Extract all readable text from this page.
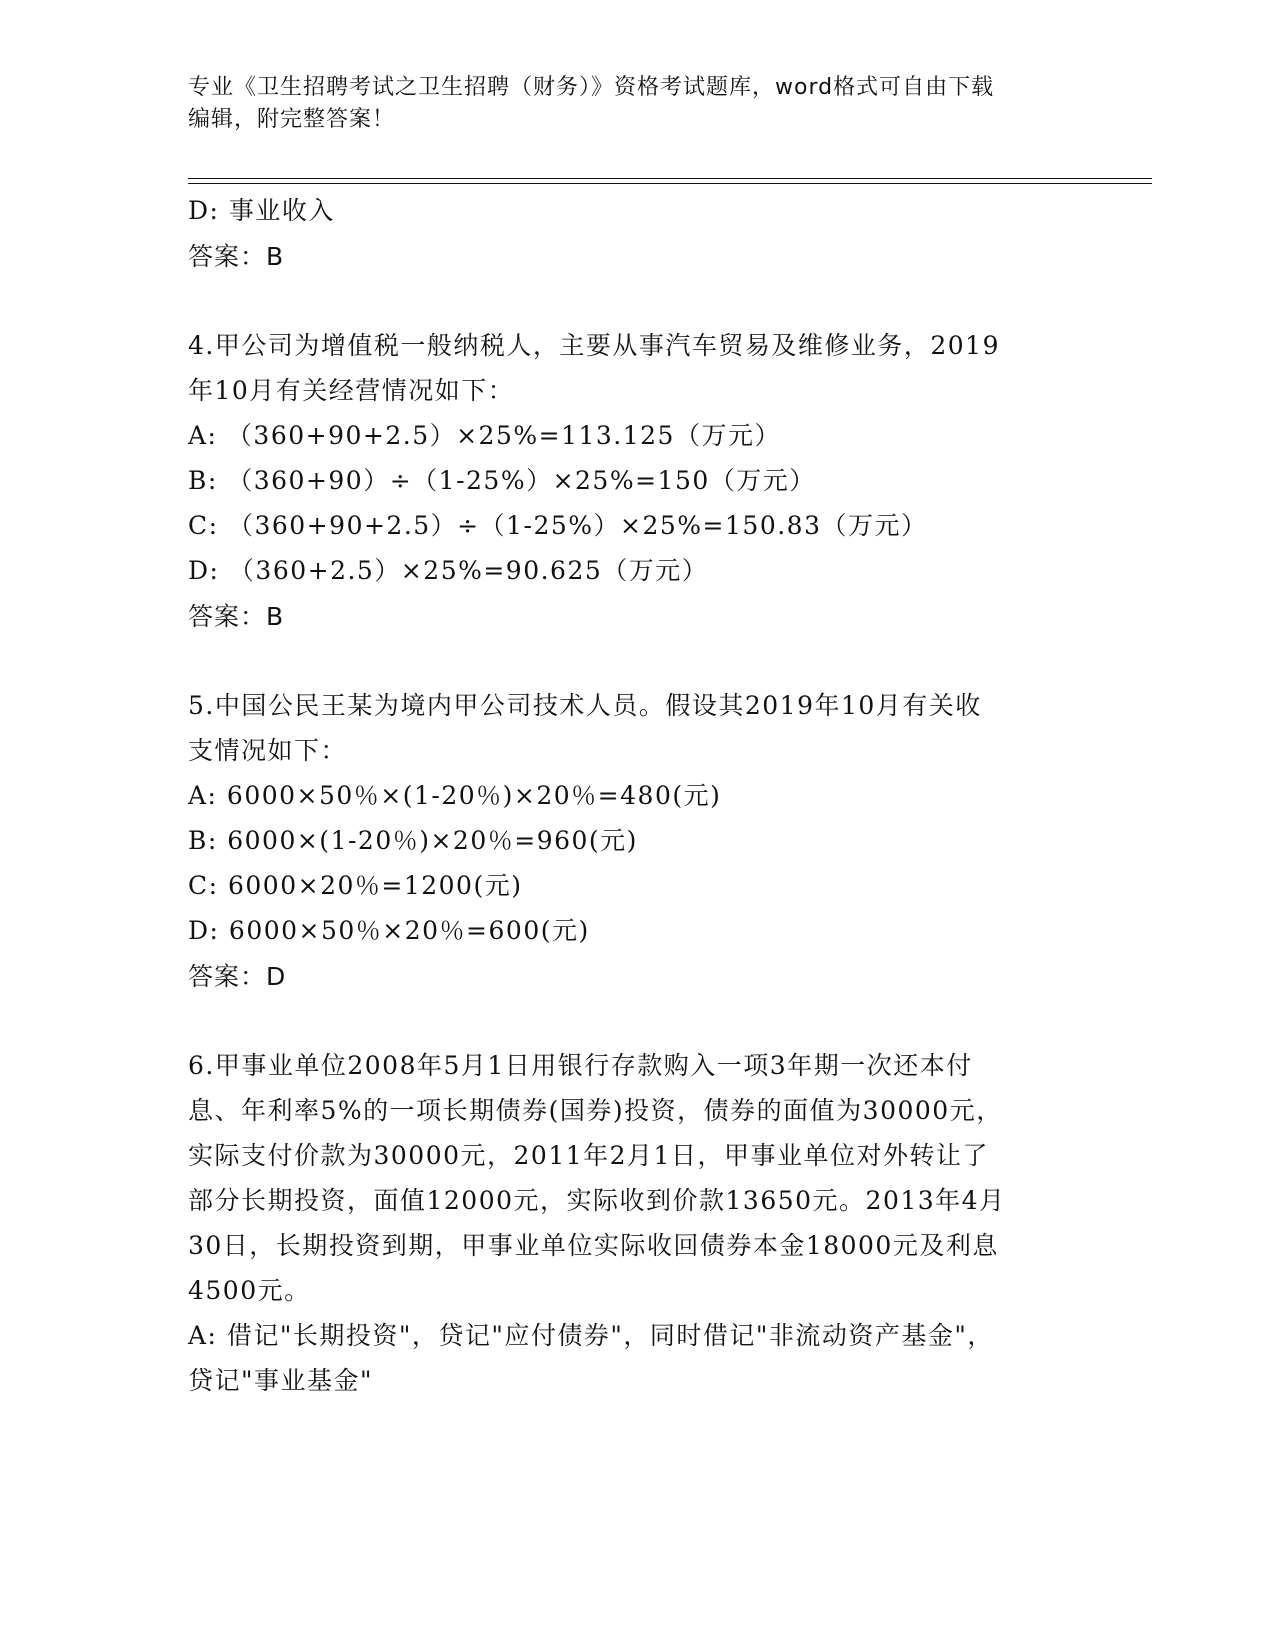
专业《卫生招聘考试之卫生招聘（财务）》资格考试题库，word格式可自由下载
编辑，附完整答案！
D: 事业收入
答案：B
4.甲公司为增值税一般纳税人，主要从事汽车贸易及维修业务，2019
年10月有关经营情况如下：
A: （360+90+2.5）×25%=113.125（万元）
B: （360+90）÷（1-25%）×25%=150（万元）
C: （360+90+2.5）÷（1-25%）×25%=150.83（万元）
D: （360+2.5）×25%=90.625（万元）
答案：B
5.中国公民王某为境内甲公司技术人员。假设其2019年10月有关收
支情况如下：
A: 6000×50％×(1-20％)×20％=480(元)
B: 6000×(1-20％)×20％=960(元)
C: 6000×20％=1200(元)
D: 6000×50％×20％=600(元)
答案：D
6.甲事业单位2008年5月1日用银行存款购入一项3年期一次还本付
息、年利率5%的一项长期债券(国券)投资，债券的面值为30000元，
实际支付价款为30000元，2011年2月1日，甲事业单位对外转让了
部分长期投资，面值12000元，实际收到价款13650元。2013年4月
30日，长期投资到期，甲事业单位实际收回债券本金18000元及利息
4500元。
A: 借记"长期投资"，贷记"应付债券"，同时借记"非流动资产基金"，
贷记"事业基金"
